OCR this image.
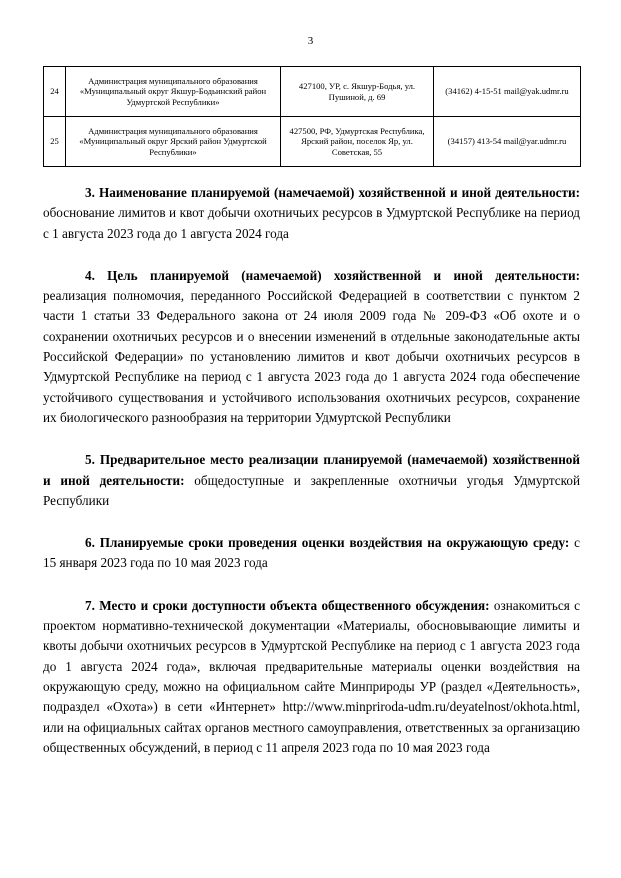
3
24	Администрация муниципального образования «Муниципальный округ Якшур-Бодьинский район Удмуртской Республики»	427100, УР, с. Якшур-Бодья, ул. Пушиной, д. 69	(34162) 4-15-51 mail@yak.udmr.ru
25	Администрация муниципального образования «Муниципальный округ Ярский район Удмуртской Республики»	427500, РФ, Удмуртская Республика, Ярский район, поселок Яр, ул. Советская, 55	(34157) 413-54 mail@yar.udmr.ru

3. Наименование планируемой (намечаемой) хозяйственной и иной деятельности: обоснование лимитов и квот добычи охотничьих ресурсов в Удмуртской Республике на период с 1 августа 2023 года до 1 августа 2024 года

4. Цель планируемой (намечаемой) хозяйственной и иной деятельности: реализация полномочия, переданного Российской Федерацией в соответствии с пунктом 2 части 1 статьи 33 Федерального закона от 24 июля 2009 года № 209-ФЗ «Об охоте и о сохранении охотничьих ресурсов и о внесении изменений в отдельные законодательные акты Российской Федерации» по установлению лимитов и квот добычи охотничьих ресурсов в Удмуртской Республике на период с 1 августа 2023 года до 1 августа 2024 года обеспечение устойчивого существования и устойчивого использования охотничьих ресурсов, сохранение их биологического разнообразия на территории Удмуртской Республики

5. Предварительное место реализации планируемой (намечаемой) хозяйственной и иной деятельности: общедоступные и закрепленные охотничьи угодья Удмуртской Республики

6. Планируемые сроки проведения оценки воздействия на окружающую среду: с 15 января 2023 года по 10 мая 2023 года

7. Место и сроки доступности объекта общественного обсуждения: ознакомиться с проектом нормативно-технической документации «Материалы, обосновывающие лимиты и квоты добычи охотничьих ресурсов в Удмуртской Республике на период с 1 августа 2023 года до 1 августа 2024 года», включая предварительные материалы оценки воздействия на окружающую среду, можно на официальном сайте Минприроды УР (раздел «Деятельность», подраздел «Охота») в сети «Интернет» http://www.minpriroda-udm.ru/deyatelnost/okhota.html, или на официальных сайтах органов местного самоуправления, ответственных за организацию общественных обсуждений, в период с 11 апреля 2023 года по 10 мая 2023 года
